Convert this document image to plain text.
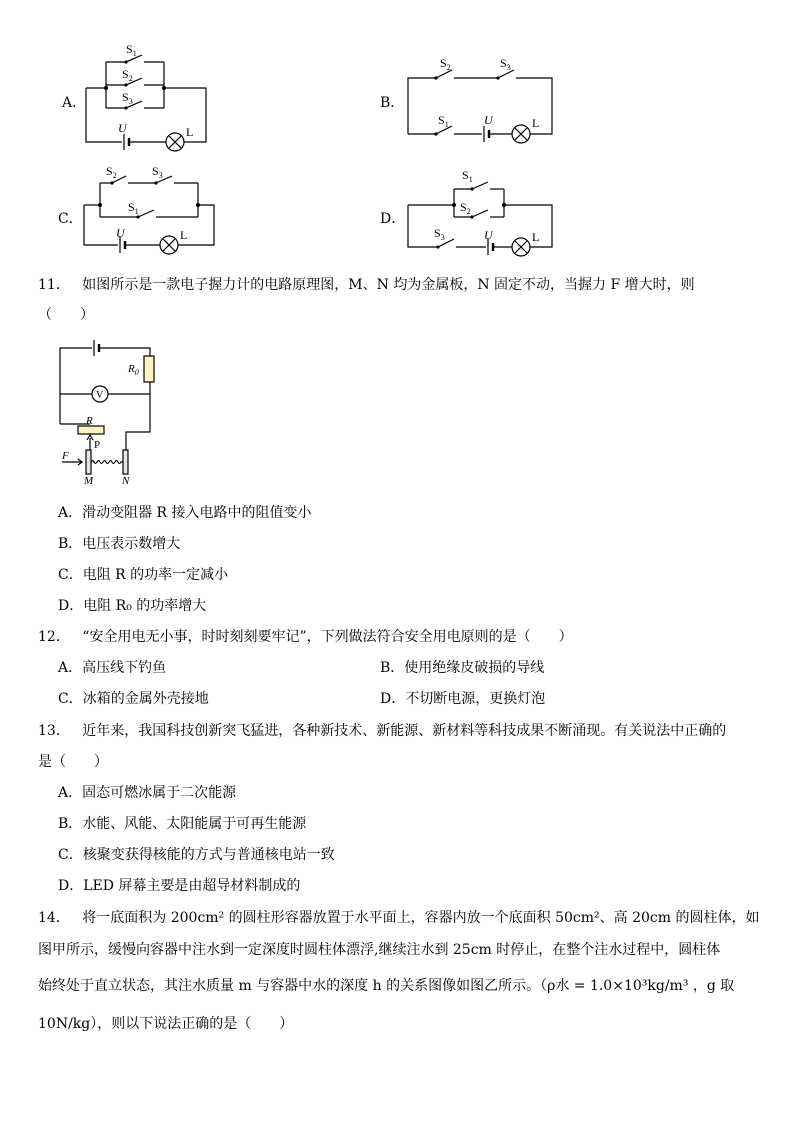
A．
$S_1$
$S_2$
$S_3$
U	L
B．
$S_2$	$S_3$
$S_1$	U	L
C．
$S_2$	$S_3$
$S_1$
U	L
D．
$S_1$
$S_2$
$S_3$	U	L
11． 如图所示是一款电子握力计的电路原理图，M、N 均为金属板，N 固定不动，当握力 F 增大时，则
（　　）
V
$R_0$
R
P
F
M	N
A．滑动变阻器 R 接入电路中的阻值变小
B．电压表示数增大
C．电阻 R 的功率一定减小
D．电阻 R₀ 的功率增大
12． “安全用电无小事，时时刻刻要牢记”，下列做法符合安全用电原则的是（　　）
A．高压线下钓鱼	B．使用绝缘皮破损的导线
C．冰箱的金属外壳接地	D．不切断电源，更换灯泡
13． 近年来，我国科技创新突飞猛进，各种新技术、新能源、新材料等科技成果不断涌现。有关说法中正确的
是（　　）
A．固态可燃冰属于二次能源
B．水能、风能、太阳能属于可再生能源
C．核聚变获得核能的方式与普通核电站一致
D．LED 屏幕主要是由超导材料制成的
14． 将一底面积为 200cm² 的圆柱形容器放置于水平面上，容器内放一个底面积 50cm²、高 20cm 的圆柱体，如
图甲所示，缓慢向容器中注水到一定深度时圆柱体漂浮,继续注水到 25cm 时停止，在整个注水过程中，圆柱体
始终处于直立状态，其注水质量 m 与容器中水的深度 h 的关系图像如图乙所示。（ρ水 = 1.0×10³kg/m³ ，g 取
10N/kg），则以下说法正确的是（　　）
